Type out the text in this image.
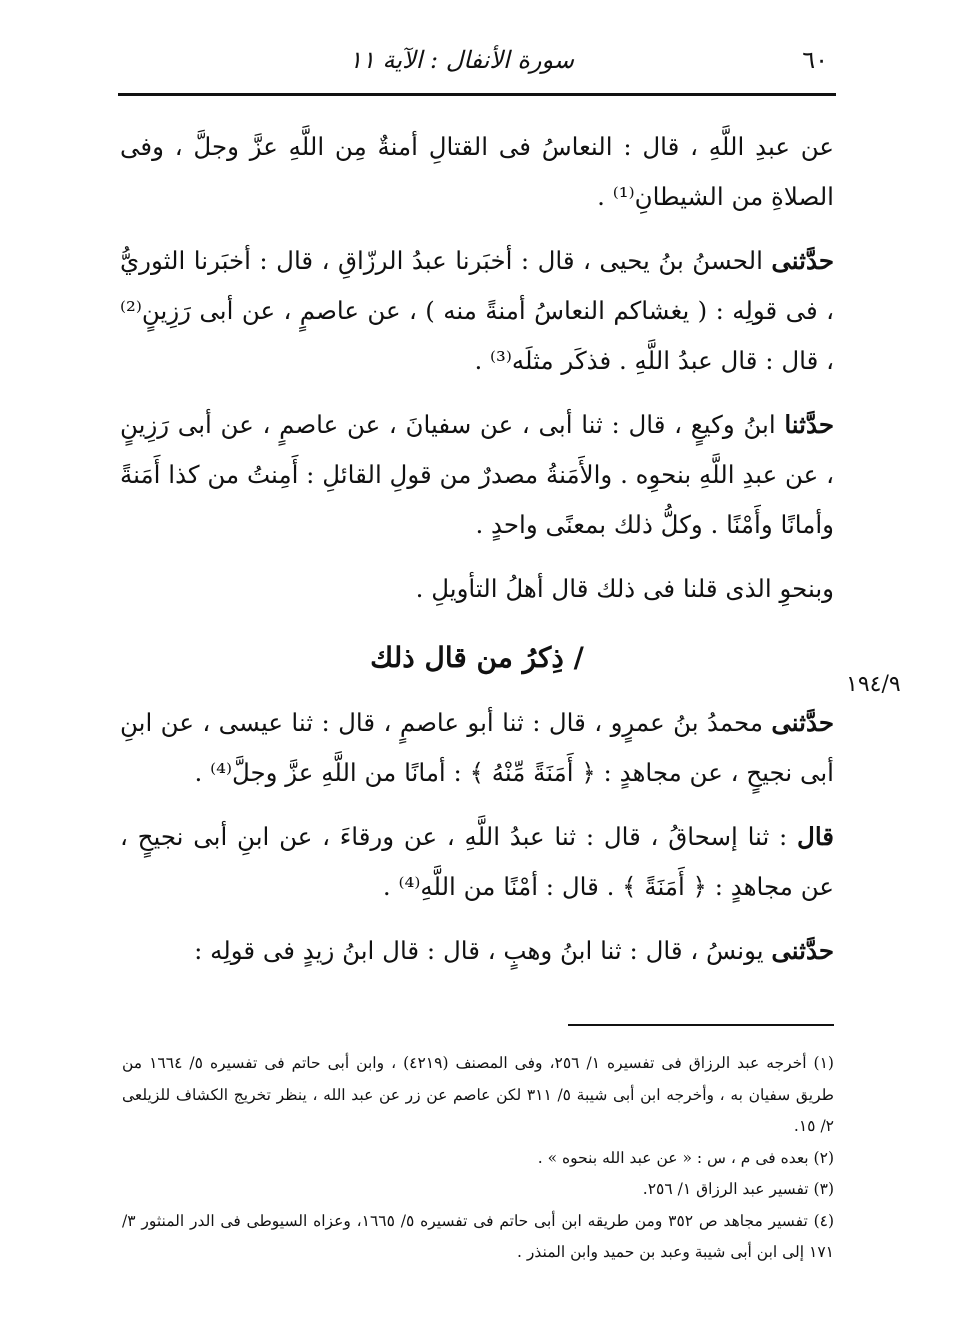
٦٠
سورة الأنفال : الآية ١١
١٩٤/٩

عن عبدِ اللَّهِ ، قال : النعاسُ فى القتالِ أمنةٌ مِن اللَّهِ عزَّ وجلَّ ، وفى الصلاةِ من الشيطانِ⁽¹⁾ .

حدَّثنى الحسنُ بنُ يحيى ، قال : أخبَرنا عبدُ الرزّاقِ ، قال : أخبَرنا الثوريُّ ، فى قولِه : ( يغشاكم النعاسُ أمنةً منه ) ، عن عاصمٍ ، عن أبى رَزِينٍ⁽²⁾ ، قال : قال عبدُ اللَّهِ . فذكَر مثلَه⁽³⁾ .

حدَّثنا ابنُ وكيعٍ ، قال : ثنا أبى ، عن سفيانَ ، عن عاصمٍ ، عن أبى رَزِينٍ ، عن عبدِ اللَّهِ بنحوِه . والأَمَنةُ مصدرٌ من قولِ القائلِ : أَمِنتُ من كذا أَمَنةً وأمانًا وأَمْنًا . وكلُّ ذلك بمعنًى واحدٍ .

وبنحوِ الذى قلنا فى ذلك قال أهلُ التأويلِ .

/ ذِكرُ من قال ذلك

حدَّثنى محمدُ بنُ عمرٍو ، قال : ثنا أبو عاصمٍ ، قال : ثنا عيسى ، عن ابنِ أبى نجيحٍ ، عن مجاهدٍ : ﴿ أَمَنَةً مِّنْهُ ﴾ : أمانًا من اللَّهِ عزَّ وجلَّ⁽⁴⁾ .

قال : ثنا إسحاقُ ، قال : ثنا عبدُ اللَّهِ ، عن ورقاءَ ، عن ابنِ أبى نجيحٍ ، عن مجاهدٍ : ﴿ أَمَنَةً ﴾ . قال : أمْنًا من اللَّهِ⁽⁴⁾ .

حدَّثنى يونسُ ، قال : ثنا ابنُ وهبٍ ، قال : قال ابنُ زيدٍ فى قولِه :

(١) أخرجه عبد الرزاق فى تفسيره ١/ ٢٥٦، وفى المصنف (٤٢١٩) ، وابن أبى حاتم فى تفسيره ٥/ ١٦٦٤ من طريق سفيان به ، وأخرجه ابن أبى شيبة ٥/ ٣١١ لكن عاصم عن زر عن عبد الله ، ينظر تخريج الكشاف للزيلعى ٢/ ١٥.

(٢) بعده فى م ، س : « عن عبد الله بنحوه » .

(٣) تفسير عبد الرزاق ١/ ٢٥٦.

(٤) تفسير مجاهد ص ٣٥٢ ومن طريقه ابن أبى حاتم فى تفسيره ٥/ ١٦٦٥، وعزاه السيوطى فى الدر المنثور ٣/ ١٧١ إلى ابن أبى شيبة وعبد بن حميد وابن المنذر .
